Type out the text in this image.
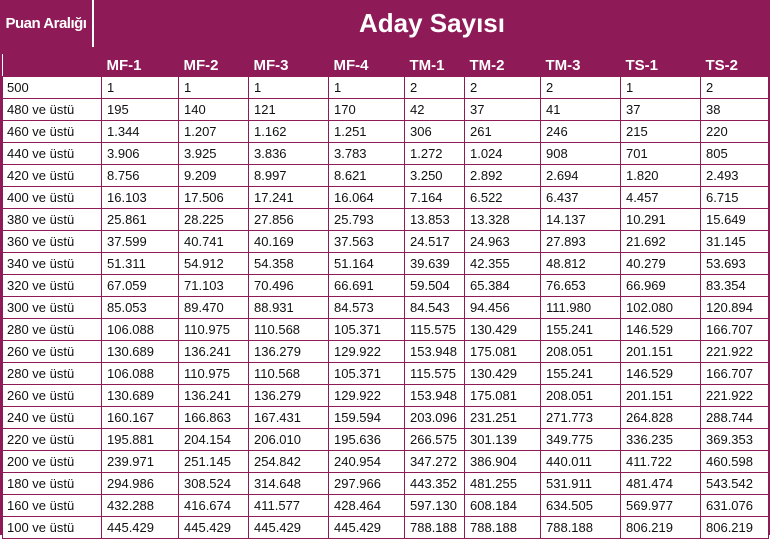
Puan Aralığı	Aday Sayısı
	MF-1	MF-2	MF-3	MF-4	TM-1	TM-2	TM-3	TS-1	TS-2
500	1	1	1	1	2	2	2	1	2
480 ve üstü	195	140	121	170	42	37	41	37	38
460 ve üstü	1.344	1.207	1.162	1.251	306	261	246	215	220
440 ve üstü	3.906	3.925	3.836	3.783	1.272	1.024	908	701	805
420 ve üstü	8.756	9.209	8.997	8.621	3.250	2.892	2.694	1.820	2.493
400 ve üstü	16.103	17.506	17.241	16.064	7.164	6.522	6.437	4.457	6.715
380 ve üstü	25.861	28.225	27.856	25.793	13.853	13.328	14.137	10.291	15.649
360 ve üstü	37.599	40.741	40.169	37.563	24.517	24.963	27.893	21.692	31.145
340 ve üstü	51.311	54.912	54.358	51.164	39.639	42.355	48.812	40.279	53.693
320 ve üstü	67.059	71.103	70.496	66.691	59.504	65.384	76.653	66.969	83.354
300 ve üstü	85.053	89.470	88.931	84.573	84.543	94.456	111.980	102.080	120.894
280 ve üstü	106.088	110.975	110.568	105.371	115.575	130.429	155.241	146.529	166.707
260 ve üstü	130.689	136.241	136.279	129.922	153.948	175.081	208.051	201.151	221.922
280 ve üstü	106.088	110.975	110.568	105.371	115.575	130.429	155.241	146.529	166.707
260 ve üstü	130.689	136.241	136.279	129.922	153.948	175.081	208.051	201.151	221.922
240 ve üstü	160.167	166.863	167.431	159.594	203.096	231.251	271.773	264.828	288.744
220 ve üstü	195.881	204.154	206.010	195.636	266.575	301.139	349.775	336.235	369.353
200 ve üstü	239.971	251.145	254.842	240.954	347.272	386.904	440.011	411.722	460.598
180 ve üstü	294.986	308.524	314.648	297.966	443.352	481.255	531.911	481.474	543.542
160 ve üstü	432.288	416.674	411.577	428.464	597.130	608.184	634.505	569.977	631.076
100 ve üstü	445.429	445.429	445.429	445.429	788.188	788.188	788.188	806.219	806.219
